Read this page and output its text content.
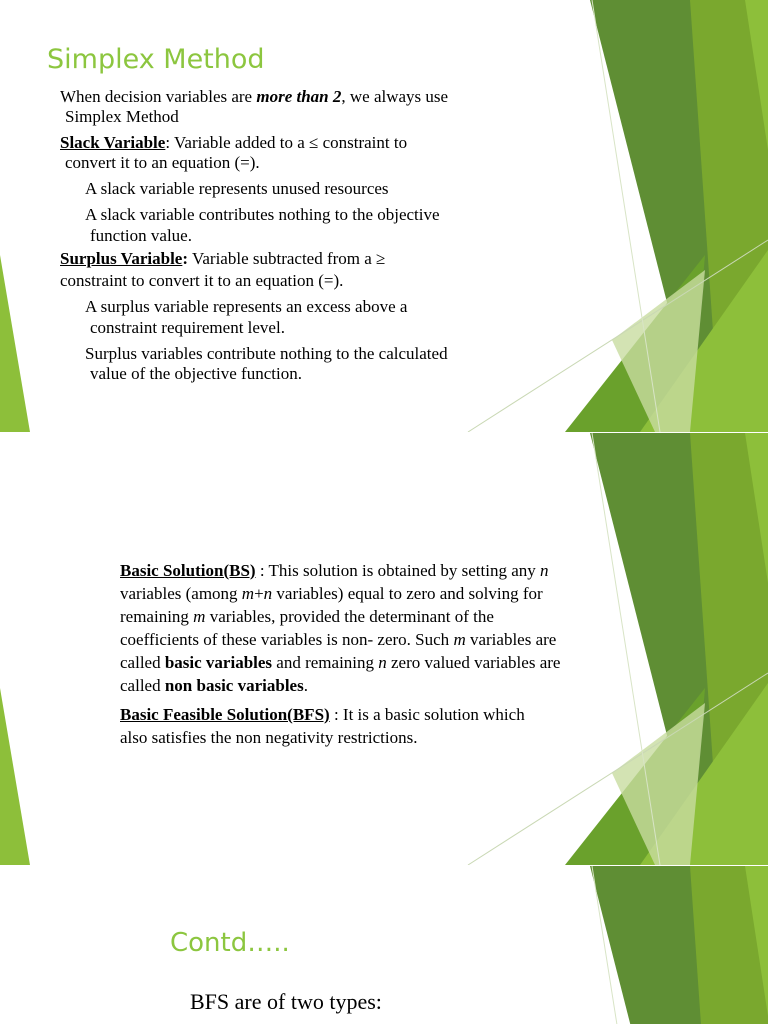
Simplex Method
When decision variables are more than 2, we always use
Simplex Method
Slack Variable: Variable added to a ≤ constraint to
convert it to an equation (=).
A slack variable represents unused resources
A slack variable contributes nothing to the objective
function value.
Surplus Variable: Variable subtracted from a ≥
constraint to convert it to an equation (=).
A surplus variable represents an excess above a
constraint requirement level.
Surplus variables contribute nothing to the calculated
value of the objective function.
Basic Solution(BS) : This solution is obtained by setting any n
variables (among m+n variables) equal to zero and solving for
remaining m variables, provided the determinant of the
coefficients of these variables is non- zero. Such m variables are
called basic variables and remaining n zero valued variables are
called non basic variables.
Basic Feasible Solution(BFS) : It is a basic solution which
also satisfies the non negativity restrictions.
Contd…..
BFS are of two types:
